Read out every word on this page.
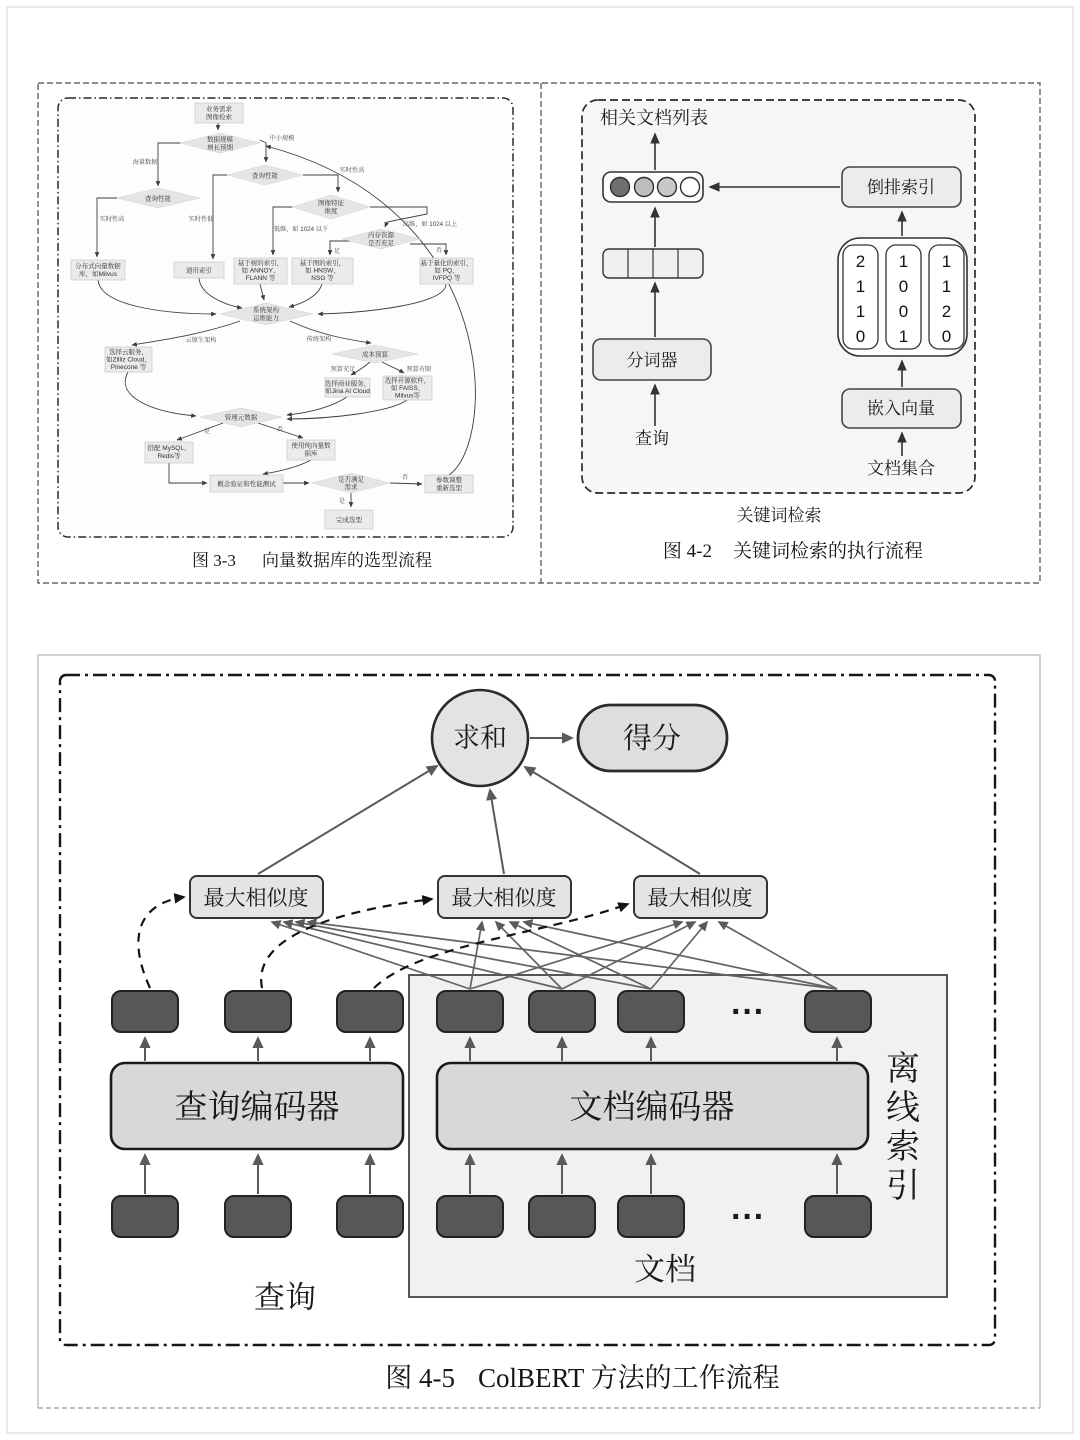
业务需求
图像检索
数据规模
增长预期
查询性能
查询性能
图像特征
维度
内存资源
是否充足
分布式向量数据
库，如Milvus	通用索引
基于树的索引，
如 ANNOY、
FLANN 等
基于图的索引，
如 HNSW、
NSG 等
基于量化的索引，
如 PQ、
IVFPQ 等
系统架构
运维能力
选择云服务，
如Zilliz Cloud、
Pinecone 等
成本预算
选择商业服务，
如Jina AI Cloud
选择开源软件，
如 FAISS、
Milvus等
管理元数据
搭配 MySQL、
Redis等
使用纯向量数
据库
概念验证和性能测试
是否满足
需求
参数调整
重新选型
完成选型
海量数据
中小规模
实时性高
实时性高	实时性低
低维，如 1024 以下
高维，如 1024 以上
足	否
云原生架构	传统架构
预算充足	预算有限
是	否
否
是
图 3-3 向量数据库的选型流程
相关文档列表
倒排索引
2
1
1
0
1
0
0
1
1
1
2
0
分词器
查询
嵌入向量
文档集合
关键词检索
图 4-2 关键词检索的执行流程
离
线
索
引
查询编码器	文档编码器
···
···
最大相似度	最大相似度	最大相似度
求和	得分
查询
文档
图 4-5 ColBERT 方法的工作流程
